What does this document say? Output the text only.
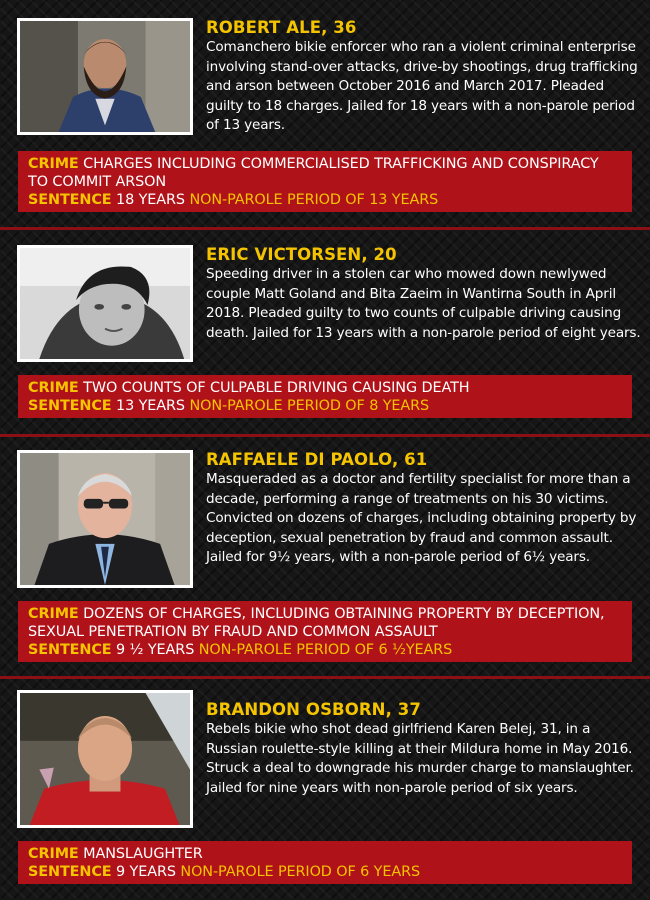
ROBERT ALE, 36
Comanchero bikie enforcer who ran a violent criminal enterprise involving stand-over attacks, drive-by shootings, drug trafficking and arson between October 2016 and March 2017. Pleaded guilty to 18 charges. Jailed for 18 years with a non-parole period of 13 years.
CRIME CHARGES INCLUDING COMMERCIALISED TRAFFICKING AND CONSPIRACY TO COMMIT ARSON
SENTENCE 18 YEARS NON-PAROLE PERIOD OF 13 YEARS
ERIC VICTORSEN, 20
Speeding driver in a stolen car who mowed down newlywed couple Matt Goland and Bita Zaeim in Wantirna South in April 2018. Pleaded guilty to two counts of culpable driving causing death. Jailed for 13 years with a non-parole period of eight years.
CRIME TWO COUNTS OF CULPABLE DRIVING CAUSING DEATH
SENTENCE 13 YEARS NON-PAROLE PERIOD OF 8 YEARS
RAFFAELE DI PAOLO, 61
Masqueraded as a doctor and fertility specialist for more than a decade, performing a range of treatments on his 30 victims. Convicted on dozens of charges, including obtaining property by deception, sexual penetration by fraud and common assault. Jailed for 9½ years, with a non-parole period of 6½ years.
CRIME DOZENS OF CHARGES, INCLUDING OBTAINING PROPERTY BY DECEPTION, SEXUAL PENETRATION BY FRAUD AND COMMON ASSAULT
SENTENCE 9 ½ YEARS NON-PAROLE PERIOD OF 6 ½YEARS
BRANDON OSBORN, 37
Rebels bikie who shot dead girlfriend Karen Belej, 31, in a Russian roulette-style killing at their Mildura home in May 2016. Struck a deal to downgrade his murder charge to manslaughter. Jailed for nine years with non-parole period of six years.
CRIME MANSLAUGHTER
SENTENCE 9 YEARS NON-PAROLE PERIOD OF 6 YEARS
